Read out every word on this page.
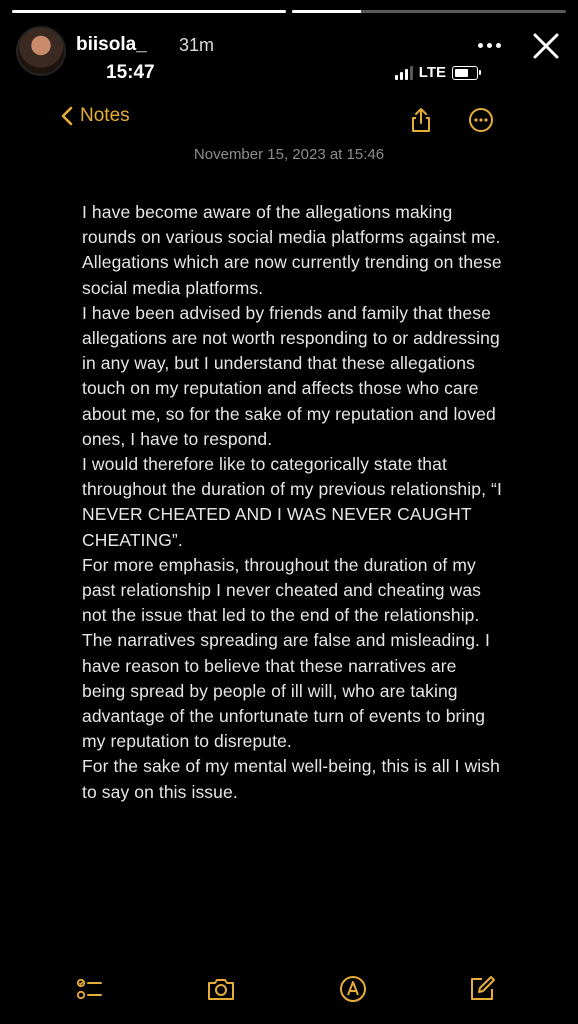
biisola_ 31m
15:47	LTE
Notes
November 15, 2023 at 15:46

I have become aware of the allegations making rounds on various social media platforms against me. Allegations which are now currently trending on these social media platforms.

I have been advised by friends and family that these allegations are not worth responding to or addressing in any way, but I understand that these allegations touch on my reputation and affects those who care about me, so for the sake of my reputation and loved ones, I have to respond.

I would therefore like to categorically state that throughout the duration of my previous relationship, “I NEVER CHEATED AND I WAS NEVER CAUGHT CHEATING”.

For more emphasis, throughout the duration of my past relationship I never cheated and cheating was not the issue that led to the end of the relationship. The narratives spreading are false and misleading. I have reason to believe that these narratives are being spread by people of ill will, who are taking advantage of the unfortunate turn of events to bring my reputation to disrepute.

For the sake of my mental well-being, this is all I wish to say on this issue.
